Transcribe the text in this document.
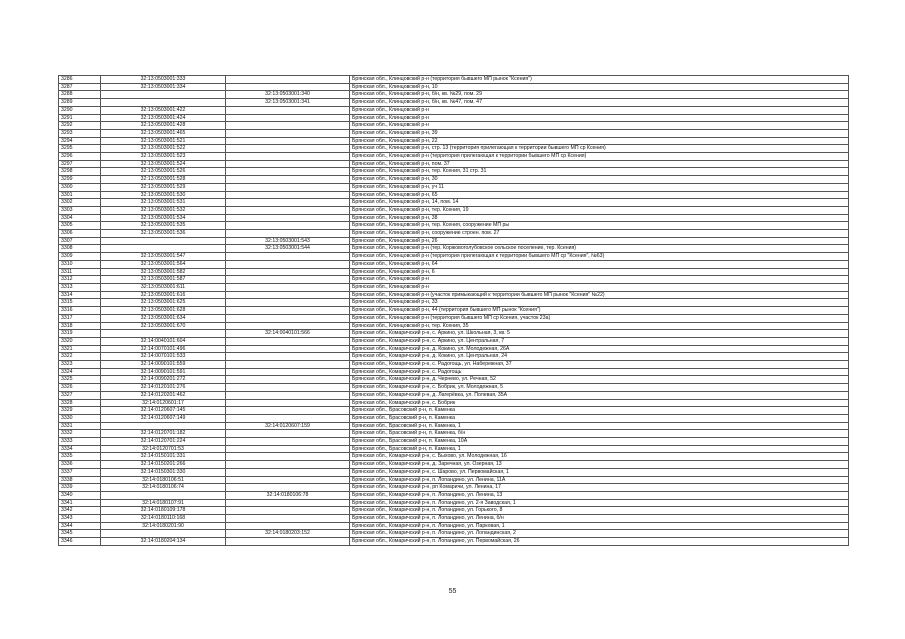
3286	32:13:0503001:333		Брянская обл., Клинцовский р-н (территория бывшего МП рынок "Ксения")
3287	32:13:0503001:334		Брянская обл., Клинцовский р-н, 10
3288		32:13:0503001:340	Брянская обл., Клинцовский р-н, б/н, кв. №29, пом. 29
3289		32:13:0503001:341	Брянская обл., Клинцовский р-н, б/н, кв. №47, пом. 47
3290	32:13:0503001:422		Брянская обл., Клинцовский р-н
3291	32:13:0503001:424		Брянская обл., Клинцовский р-н
3292	32:13:0503001:428		Брянская обл., Клинцовский р-н
3293	32:13:0503001:465		Брянская обл., Клинцовский р-н, 39
3294	32:13:0503001:521		Брянская обл., Клинцовский р-н, 22
3295	32:13:0503001:522		Брянская обл., Клинцовский р-н, стр. 13 (территория прилегающая к территории бывшего МП ср Ксения)
3296	32:13:0503001:523		Брянская обл., Клинцовский р-н (территория прилегающая к территории бывшего МП ср Ксения)
3297	32:13:0503001:524		Брянская обл., Клинцовский р-н, пом. 37
3298	32:13:0503001:526		Брянская обл., Клинцовский р-н, тер. Ксения, 31 стр. 31
3299	32:13:0503001:528		Брянская обл., Клинцовский р-н, 30
3300	32:13:0503001:529		Брянская обл., Клинцовский р-н, уч 11
3301	32:13:0503001:530		Брянская обл., Клинцовский р-н, 65
3302	32:13:0503001:531		Брянская обл., Клинцовский р-н, 14, пом. 14
3303	32:13:0503001:532		Брянская обл., Клинцовский р-н, тер. Ксения, 19
3304	32:13:0503001:534		Брянская обл., Клинцовский р-н, 38
3305	32:13:0503001:535		Брянская обл., Клинцовский р-н, тер. Ксения, сооружение МП ры
3306	32:13:0503001:536		Брянская обл., Клинцовский р-н, сооружение строен. пом. 27
3307		32:13:0503001:543	Брянская обл., Клинцовский р-н, 26
3308		32:13:0503001:544	Брянская обл., Клинцовский р-н (тер. Коржовоголубовское сельское поселение, тер. Ксения)
3309	32:13:0503001:547		Брянская обл., Клинцовский р-н (территория прилегающая к территории бывшего МП ср "Ксения", №63)
3310	32:13:0503001:564		Брянская обл., Клинцовский р-н, 64
3311	32:13:0503001:582		Брянская обл., Клинцовский р-н, 6
3312	32:13:0503001:587		Брянская обл., Клинцовский р-н
3313	32:13:0503001:611		Брянская обл., Клинцовский р-н
3314	32:13:0503001:616		Брянская обл., Клинцовский р-н (участок примыкающий к территории бывшего МП рынок "Ксения" №22)
3315	32:13:0503001:625		Брянская обл., Клинцовский р-н, 33
3316	32:13:0503001:628		Брянская обл., Клинцовский р-н, 44 (территория бывшего МП рынок "Ксения")
3317	32:13:0503001:634		Брянская обл., Клинцовский р-н (территория бывшего МП ср Ксения, участок 23а)
3318	32:13:0503001:670		Брянская обл., Клинцовский р-н, тер. Ксения, 35
3319		32:14:0040101:566	Брянская обл., Комаричский р-н, с. Аркино, ул. Школьная, 3, кв. 5
3320	32:14:0040101:604		Брянская обл., Комаричский р-н, с. Аркино, ул. Центральная, 7
3321	32:14:0070101:496		Брянская обл., Комаричский р-н, д. Кокино, ул. Молодежная, 26А
3322	32:14:0070101:533		Брянская обл., Комаричский р-н, д. Кокино, ул. Центральная, 24
3323	32:14:0090101:559		Брянская обл., Комаричский р-н, с. Радогощь, ул. Набережная, 37
3324	32:14:0090101:591		Брянская обл., Комаричский р-н, с. Радогощь
3325	32:14:0090201:272		Брянская обл., Комаричский р-н, д. Чернево, ул. Речная, 52
3326	32:14:0120101:276		Брянская обл., Комаричский р-н, с. Бобрик, ул. Молодежная, 5
3327	32:14:0120201:462		Брянская обл., Комаричский р-н, д. Лагерёвка, ул. Полевая, 35А
3328	32:14:0120601:17		Брянская обл., Комаричский р-н, с. Бобрик
3329	32:14:0120607:145		Брянская обл., Брасовский р-н, п. Каменка
3330	32:14:0120607:149		Брянская обл., Брасовский р-н, п. Каменка
3331		32:14:0120607:159	Брянская обл., Брасовский р-н, п. Каменка, 1
3332	32:14:0120701:182		Брянская обл., Брасовский р-н, п. Каменка, б/н
3333	32:14:0120701:224		Брянская обл., Брасовский р-н, п. Каменка, 10А
3334	32:14:0120701:53		Брянская обл., Брасовский р-н, п. Каменка, 1
3335	32:14:0150101:331		Брянская обл., Комаричский р-н, с. Быхово, ул. Молодежная, 16
3336	32:14:0150201:266		Брянская обл., Комаричский р-н, д. Заречная, ул. Озерная, 13
3337	32:14:0150301:330		Брянская обл., Комаричский р-н, с. Шарово, ул. Первомайская, 1
3338	32:14:0180106:51		Брянская обл., Комаричский р-н, п. Лопандино, ул. Ленина, 11А
3339	32:14:0180106:74		Брянская обл., Комаричский р-н, рп Комаричи, ул. Ленина, 17
3340		32:14:0180106:78	Брянская обл., Комаричский р-н, п. Лопандино, ул. Ленина, 13
3341	32:14:0180107:91		Брянская обл., Комаричский р-н, п. Лопандино, ул. 2-я Заводская, 1
3342	32:14:0180109:178		Брянская обл., Комаричский р-н, п. Лопандино, ул. Горького, 8
3343	32:14:0180110:168		Брянская обл., Комаричский р-н, п. Лопандино, ул. Ленина, б/н
3344	32:14:0180201:90		Брянская обл., Комаричский р-н, п. Лопандино, ул. Парковая, 1
3345		32:14:0180203:152	Брянская обл., Комаричский р-н, п. Лопандино, ул. Лопандинская, 2
3346	32:14:0180204:134		Брянская обл., Комаричский р-н, п. Лопандино, ул. Первомайская, 26
55
